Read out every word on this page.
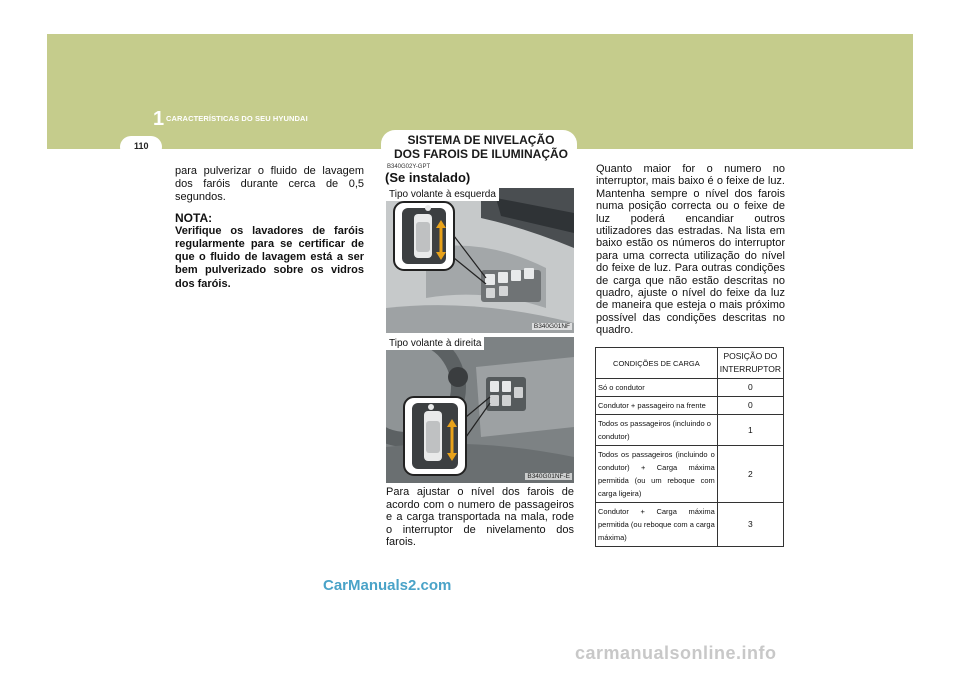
1 CARACTERÍSTICAS DO SEU HYUNDAI
110	SISTEMA DE NIVELAÇÃO
DOS FAROIS DE ILUMINAÇÃO
para pulverizar o fluido de lavagem dos faróis durante cerca de 0,5 segundos.
NOTA:
Verifique os lavadores de faróis regularmente para se certificar de que o fluido de lavagem está a ser bem pulverizado sobre os vidros dos faróis.
B340G02Y-GPT
(Se instalado)
Tipo volante à esquerda
B340G01NF
Tipo volante à direita
B340G01NF-E
Para ajustar o nível dos farois de acordo com o numero de passageiros e a carga transportada na mala, rode o interruptor de nivelamento dos farois.
Quanto maior for o numero no interruptor, mais baixo é o feixe de luz. Mantenha sempre o nível dos farois numa posição correcta ou o feixe de luz poderá encandiar outros utilizadores das estradas. Na lista em baixo estão os números do interruptor para uma correcta utilização do nível do feixe de luz. Para outras condições de carga que não estão descritas no quadro, ajuste o nível do feixe da luz de maneira que esteja o mais próximo possível das condições descritas no quadro.
CONDIÇÕES DE CARGA	POSIÇÃO DO
INTERRUPTOR
Só o condutor	0
Condutor + passageiro na frente	0
Todos os passageiros (incluindo o condutor)	1
Todos os passageiros (incluindo o condutor) + Carga máxima permitida (ou um reboque com carga ligeira)	2
Condutor + Carga máxima permitida (ou reboque com a carga máxima)	3
CarManuals2.com
carmanualsonline.info
